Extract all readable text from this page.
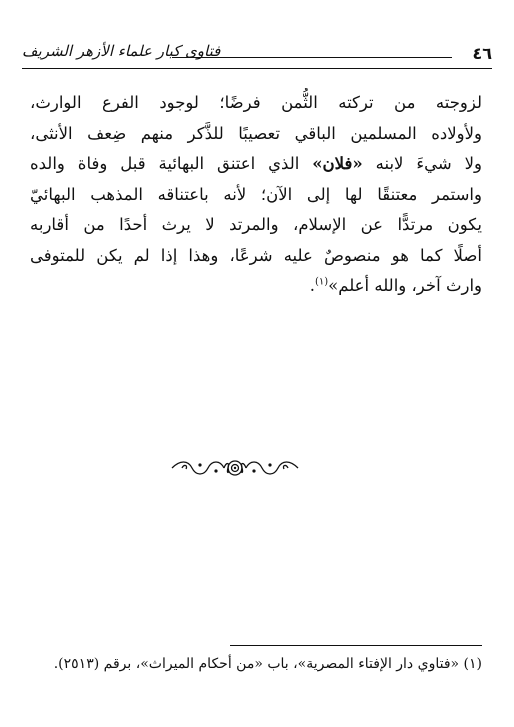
٤٦
فتاوى كبار علماء الأزهر الشريف
لزوجته من تركته الثُّمن فرضًا؛ لوجود الفرع الوارث،
ولأولاده المسلمين الباقي تعصيبًا للذَّكر منهم ضِعف الأنثى،
ولا شيءَ لابنه «فلان» الذي اعتنق البهائية قبل وفاة والده
واستمر معتنقًا لها إلى الآن؛ لأنه باعتناقه المذهب البهائيّ
يكون مرتدًّا عن الإسلام، والمرتد لا يرث أحدًا من أقاربه
أصلًا كما هو منصوصٌ عليه شرعًا، وهذا إذا لم يكن للمتوفى
وارث آخر، والله أعلم»$^{(١)}$.
(١) «فتاوي دار الإفتاء المصرية»، باب «من أحكام الميراث»، برقم (٢٥١٣).
